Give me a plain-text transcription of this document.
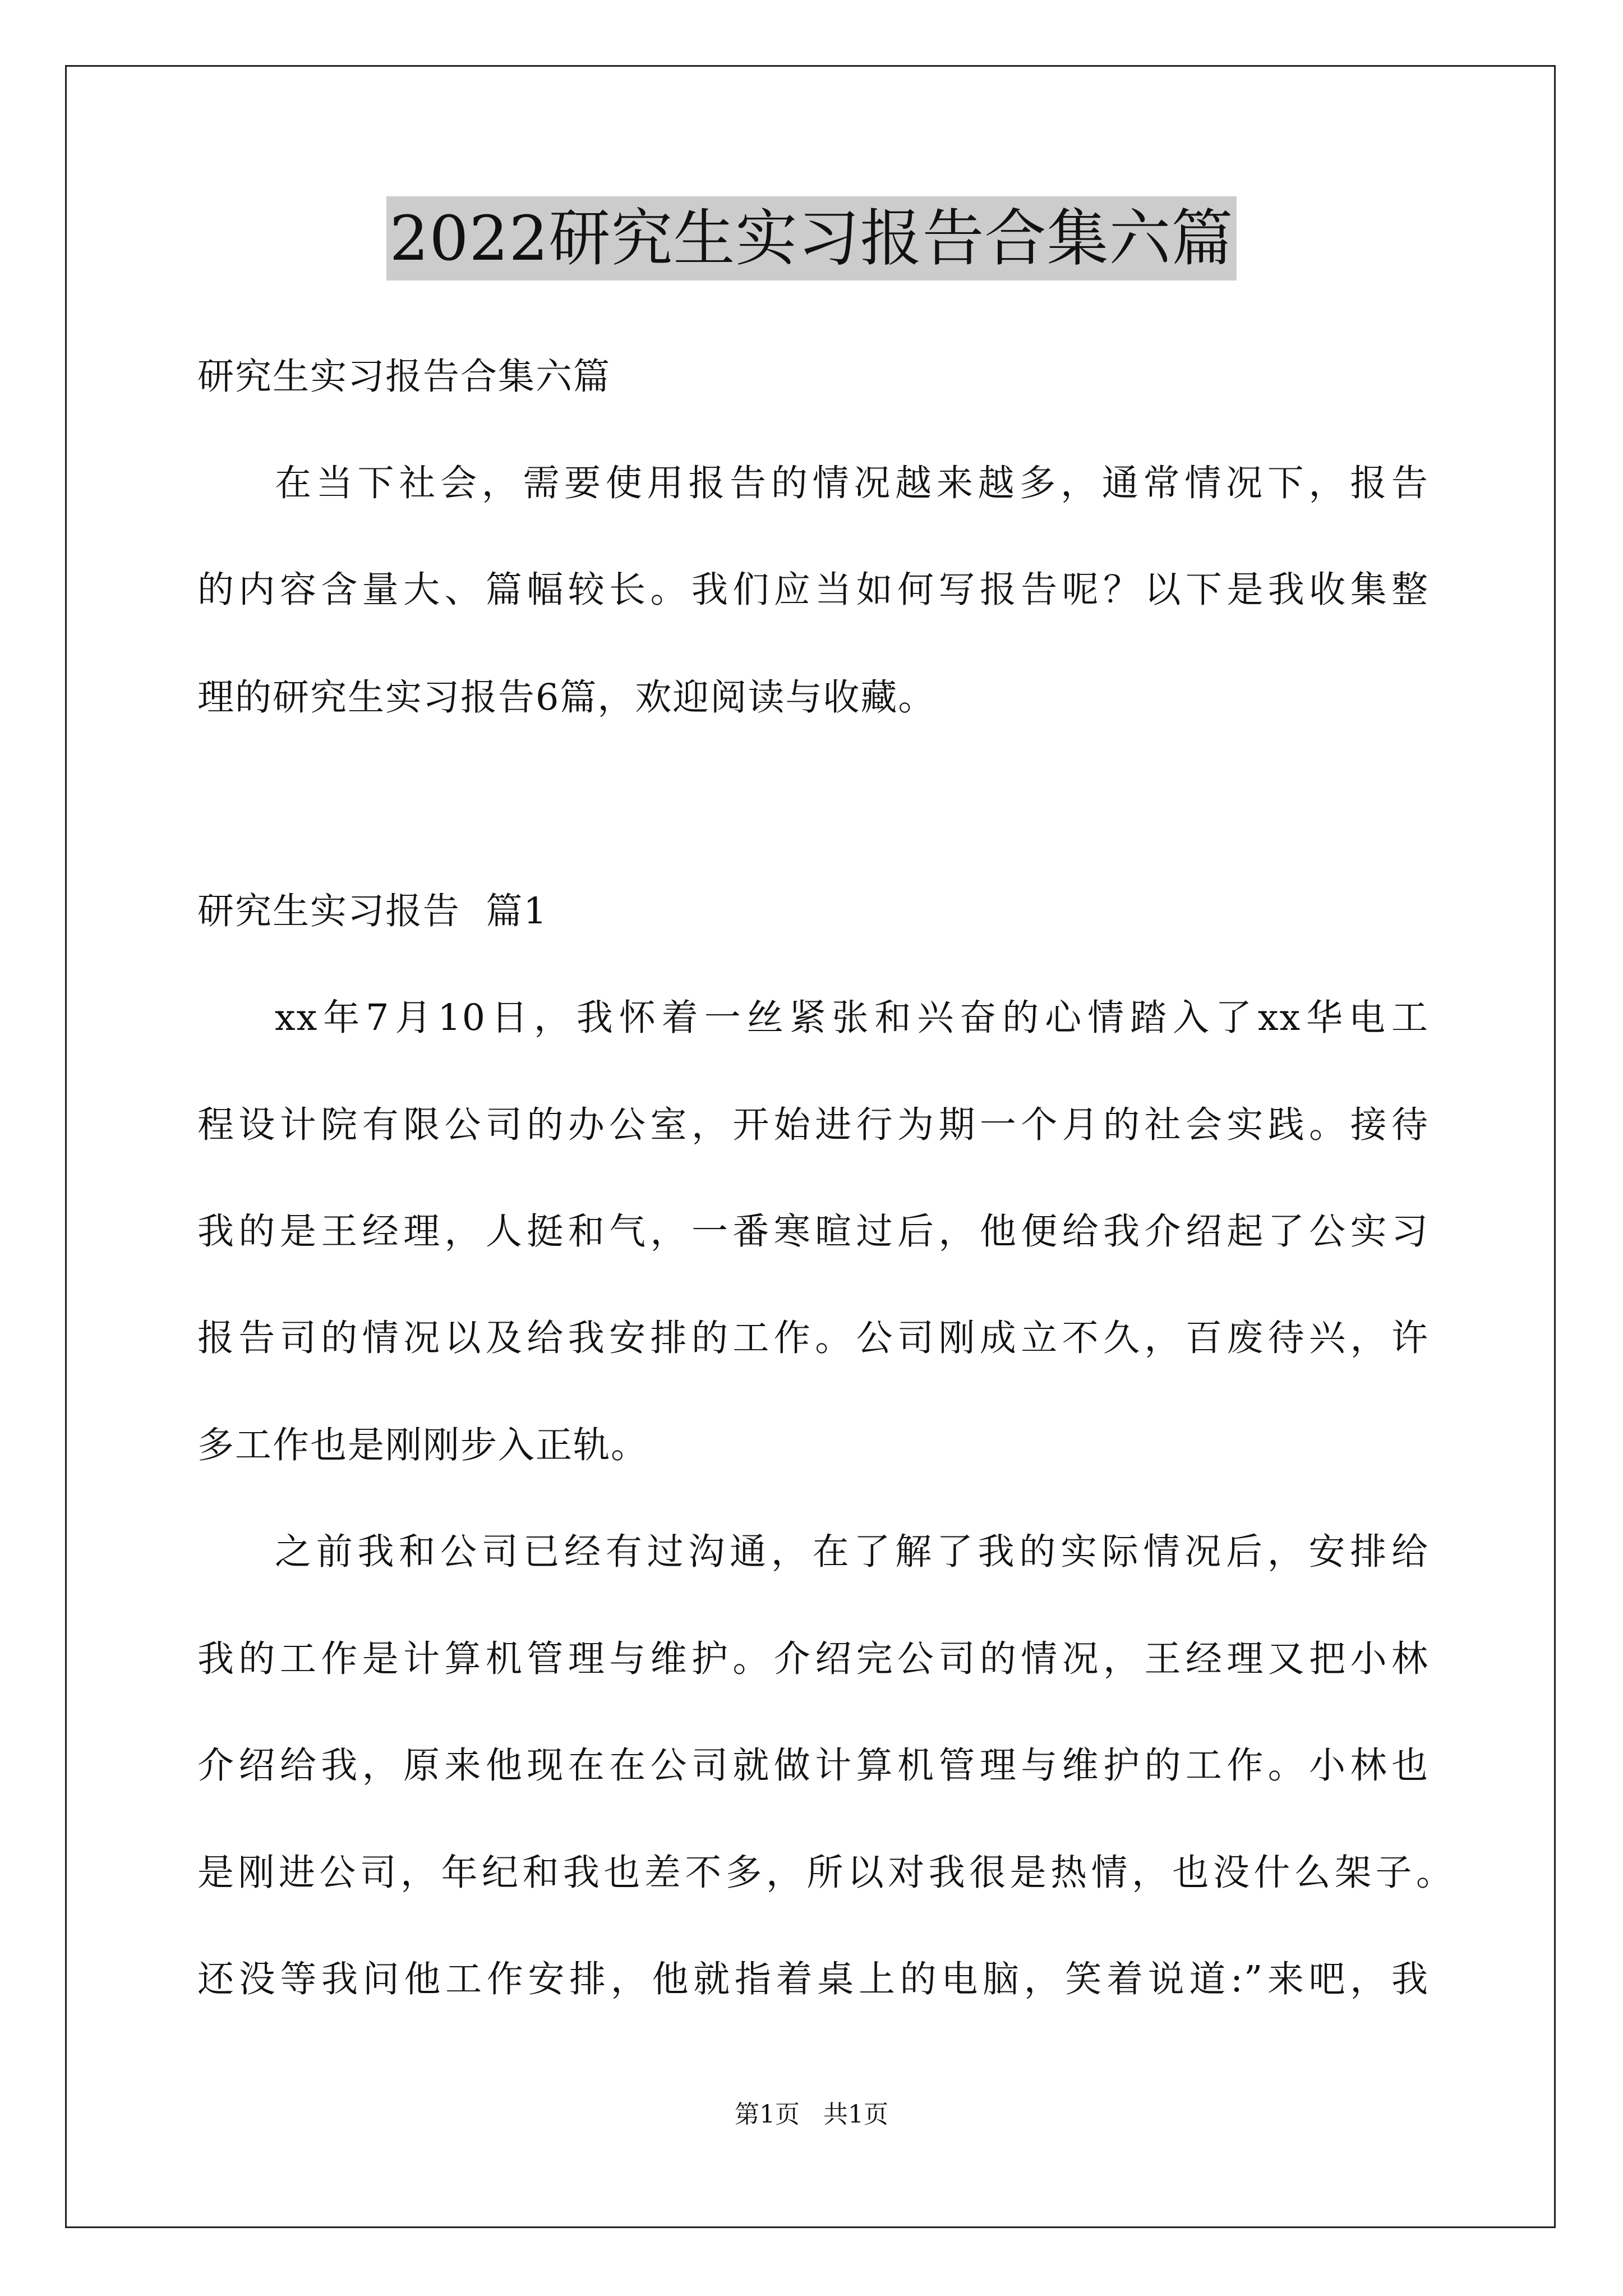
2022研究生实习报告合集六篇
研究生实习报告合集六篇
在当下社会，需要使用报告的情况越来越多，通常情况下，报告
的内容含量大、篇幅较长。我们应当如何写报告呢？以下是我收集整
理的研究生实习报告6篇，欢迎阅读与收藏。
研究生实习报告  篇1
xx年7月10日，我怀着一丝紧张和兴奋的心情踏入了xx华电工
程设计院有限公司的办公室，开始进行为期一个月的社会实践。接待
我的是王经理，人挺和气，一番寒暄过后，他便给我介绍起了公实习
报告司的情况以及给我安排的工作。公司刚成立不久，百废待兴，许
多工作也是刚刚步入正轨。
之前我和公司已经有过沟通，在了解了我的实际情况后，安排给
我的工作是计算机管理与维护。介绍完公司的情况，王经理又把小林
介绍给我，原来他现在在公司就做计算机管理与维护的工作。小林也
是刚进公司，年纪和我也差不多，所以对我很是热情，也没什么架子。
还没等我问他工作安排，他就指着桌上的电脑，笑着说道:”来吧，我
第1页   共1页
